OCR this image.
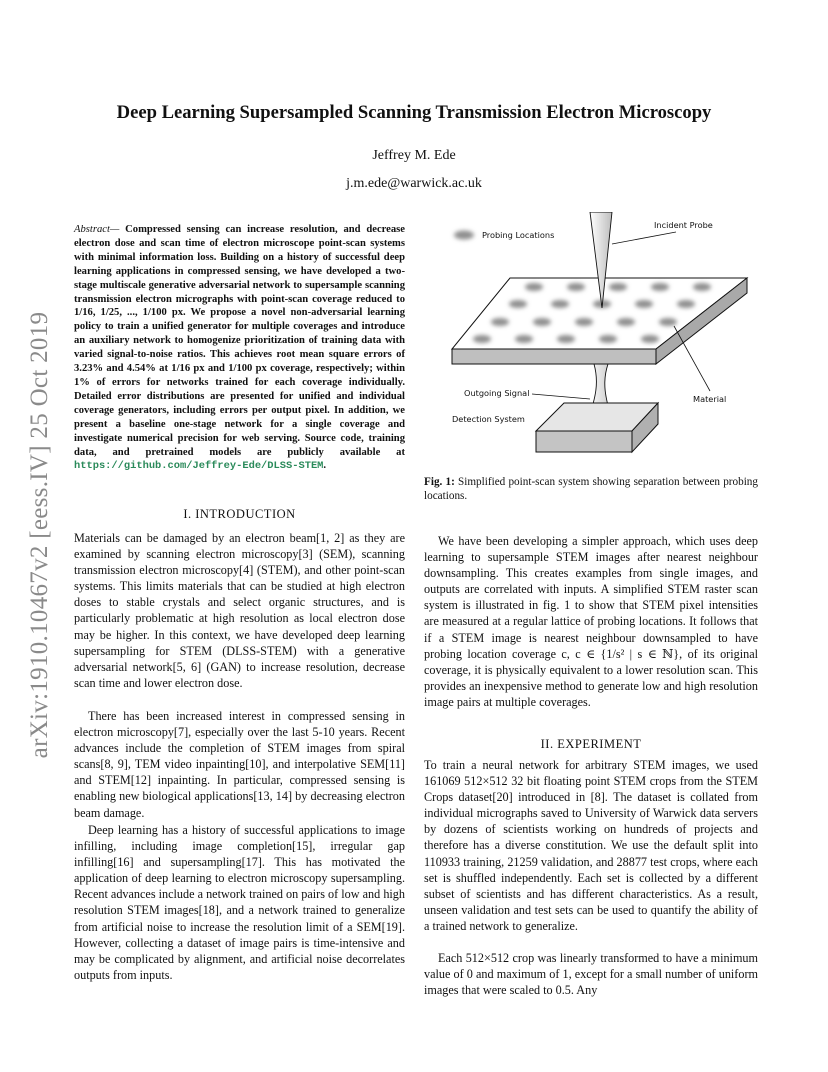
arXiv:1910.10467v2 [eess.IV] 25 Oct 2019
Deep Learning Supersampled Scanning Transmission Electron Microscopy
Jeffrey M. Ede
j.m.ede@warwick.ac.uk
Abstract— Compressed sensing can increase resolution, and decrease electron dose and scan time of electron microscope point-scan systems with minimal information loss. Building on a history of successful deep learning applications in compressed sensing, we have developed a two-stage multiscale generative adversarial network to supersample scanning transmission electron micrographs with point-scan coverage reduced to 1/16, 1/25, ..., 1/100 px. We propose a novel non-adversarial learning policy to train a unified generator for multiple coverages and introduce an auxiliary network to homogenize prioritization of training data with varied signal-to-noise ratios. This achieves root mean square errors of 3.23% and 4.54% at 1/16 px and 1/100 px coverage, respectively; within 1% of errors for networks trained for each coverage individually. Detailed error distributions are presented for unified and individual coverage generators, including errors per output pixel. In addition, we present a baseline one-stage network for a single coverage and investigate numerical precision for web serving. Source code, training data, and pretrained models are publicly available at https://github.com/Jeffrey-Ede/DLSS-STEM.
I. INTRODUCTION
Materials can be damaged by an electron beam[1, 2] as they are examined by scanning electron microscopy[3] (SEM), scanning transmission electron microscopy[4] (STEM), and other point-scan systems. This limits materials that can be studied at high electron doses to stable crystals and select organic structures, and is particularly problematic at high resolution as local electron dose may be higher. In this context, we have developed deep learning supersampling for STEM (DLSS-STEM) with a generative adversarial network[5, 6] (GAN) to increase resolution, decrease scan time and lower electron dose.
There has been increased interest in compressed sensing in electron microscopy[7], especially over the last 5-10 years. Recent advances include the completion of STEM images from spiral scans[8, 9], TEM video inpainting[10], and interpolative SEM[11] and STEM[12] inpainting. In particular, compressed sensing is enabling new biological applications[13, 14] by decreasing electron beam damage.
Deep learning has a history of successful applications to image infilling, including image completion[15], irregular gap infilling[16] and supersampling[17]. This has motivated the application of deep learning to electron microscopy supersampling. Recent advances include a network trained on pairs of low and high resolution STEM images[18], and a network trained to generalize from artificial noise to increase the resolution limit of a SEM[19]. However, collecting a dataset of image pairs is time-intensive and may be complicated by alignment, and artificial noise decorrelates outputs from inputs.
Probing Locations
Incident Probe
Outgoing Signal
Material
Detection System
Fig. 1: Simplified point-scan system showing separation between probing locations.
We have been developing a simpler approach, which uses deep learning to supersample STEM images after nearest neighbour downsampling. This creates examples from single images, and outputs are correlated with inputs. A simplified STEM raster scan system is illustrated in fig. 1 to show that STEM pixel intensities are measured at a regular lattice of probing locations. It follows that if a STEM image is nearest neighbour downsampled to have probing location coverage c, c ∈ {1/s² | s ∈ ℕ}, of its original coverage, it is physically equivalent to a lower resolution scan. This provides an inexpensive method to generate low and high resolution image pairs at multiple coverages.
II. EXPERIMENT
To train a neural network for arbitrary STEM images, we used 161069 512×512 32 bit floating point STEM crops from the STEM Crops dataset[20] introduced in [8]. The dataset is collated from individual micrographs saved to University of Warwick data servers by dozens of scientists working on hundreds of projects and therefore has a diverse constitution. We use the default split into 110933 training, 21259 validation, and 28877 test crops, where each set is shuffled independently. Each set is collected by a different subset of scientists and has different characteristics. As a result, unseen validation and test sets can be used to quantify the ability of a trained network to generalize.
Each 512×512 crop was linearly transformed to have a minimum value of 0 and maximum of 1, except for a small number of uniform images that were scaled to 0.5. Any
